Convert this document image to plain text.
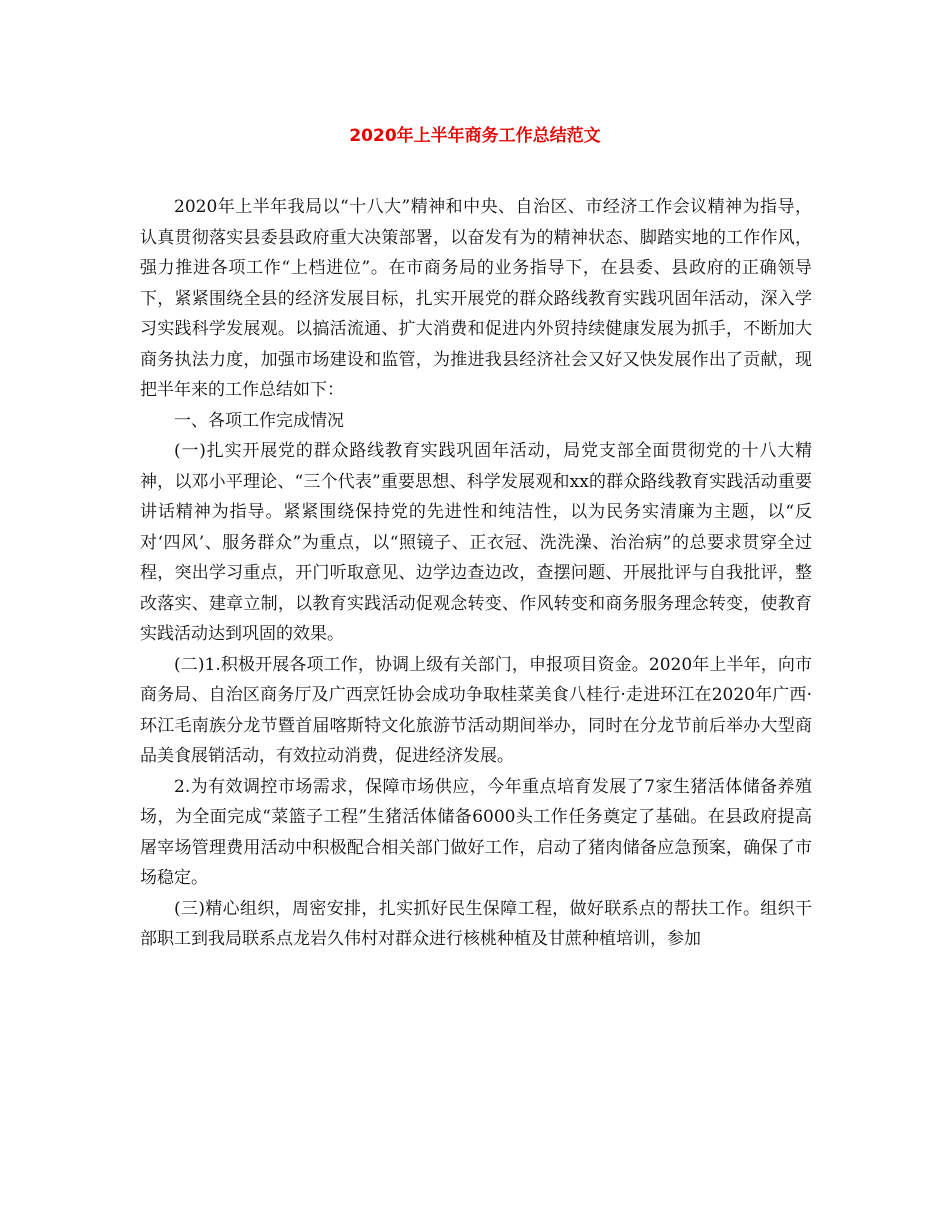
2020年上半年商务工作总结范文

2020年上半年我局以“十八大”精神和中央、自治区、市经济工作会议精神为指导，认真贯彻落实县委县政府重大决策部署，以奋发有为的精神状态、脚踏实地的工作作风，强力推进各项工作“上档进位”。在市商务局的业务指导下，在县委、县政府的正确领导下，紧紧围绕全县的经济发展目标，扎实开展党的群众路线教育实践巩固年活动，深入学习实践科学发展观。以搞活流通、扩大消费和促进内外贸持续健康发展为抓手，不断加大商务执法力度，加强市场建设和监管，为推进我县经济社会又好又快发展作出了贡献，现把半年来的工作总结如下：

一、各项工作完成情况

(一)扎实开展党的群众路线教育实践巩固年活动，局党支部全面贯彻党的十八大精神，以邓小平理论、“三个代表”重要思想、科学发展观和xx的群众路线教育实践活动重要讲话精神为指导。紧紧围绕保持党的先进性和纯洁性，以为民务实清廉为主题，以“反对‘四风’、服务群众”为重点，以“照镜子、正衣冠、洗洗澡、治治病”的总要求贯穿全过程，突出学习重点，开门听取意见、边学边查边改，查摆问题、开展批评与自我批评，整改落实、建章立制，以教育实践活动促观念转变、作风转变和商务服务理念转变，使教育实践活动达到巩固的效果。

(二)1.积极开展各项工作，协调上级有关部门，申报项目资金。2020年上半年，向市商务局、自治区商务厅及广西烹饪协会成功争取桂菜美食八桂行·走进环江在2020年广西·环江毛南族分龙节暨首届喀斯特文化旅游节活动期间举办，同时在分龙节前后举办大型商品美食展销活动，有效拉动消费，促进经济发展。

2.为有效调控市场需求，保障市场供应，今年重点培育发展了7家生猪活体储备养殖场，为全面完成“菜篮子工程”生猪活体储备6000头工作任务奠定了基础。在县政府提高屠宰场管理费用活动中积极配合相关部门做好工作，启动了猪肉储备应急预案，确保了市场稳定。

(三)精心组织，周密安排，扎实抓好民生保障工程，做好联系点的帮扶工作。组织干部职工到我局联系点龙岩久伟村对群众进行核桃种植及甘蔗种植培训，参加
